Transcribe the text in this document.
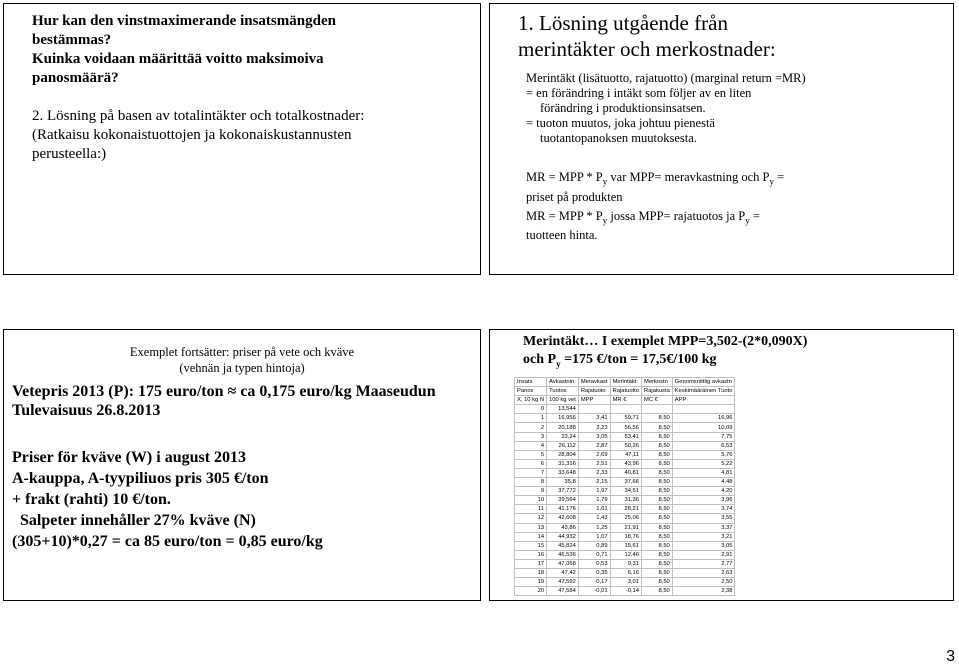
Hur kan den vinstmaximerande insatsmängden bestämmas?
Kuinka voidaan määrittää voitto maksimoiva panosmäärä?
2. Lösning på basen av totalintäkter och totalkostnader: (Ratkaisu kokonaistuottojen ja kokonaiskustannusten perusteella:)
1. Lösning utgående från
merintäkter och merkostnader:

Merintäkt (lisätuotto, rajatuotto) (marginal return =MR)

= en förändring i intäkt som följer av en liten

förändring i produktionsinsatsen.

= tuoton muutos, joka johtuu pienestä

tuotantopanoksen muutoksesta.

MR = MPP * $P_y$ var MPP= meravkastning och $P_y$ =

priset på produkten

MR = MPP * $P_y$ jossa MPP= rajatuotos ja $P_y$ =

tuotteen hinta.

Exemplet fortsätter: priser på vete och kväve
(vehnän ja typen hintoja)
Vetepris 2013 (P): 175 euro/ton ≈ ca 0,175 euro/kg Maaseudun Tulevaisuus 26.8.2013

Priser för kväve (W) i august 2013

A-kauppa, A-tyypiliuos pris 305 €/ton

+ frakt (rahti) 10 €/ton.

Salpeter innehåller 27% kväve (N)

(305+10)*0,27 = ca 85 euro/ton = 0,85 euro/kg

Merintäkt… I exemplet MPP=3,502-(2*0,090X)
och $P_y =175$ €/ton = 17,5€/100 kg
Insats	Avkastnin	Meravkast	Merintäkt	Merkostn	Genomsnittlig avkastn
Panos	Tuotos	Rajatuoto	Rajatuotto	Rajakusta	Keskimääräinen Tuoto
X, 10 kg N	100 kg vet	MPP	MR €	MC €	APP
0	13,544				
1	16,956	3,41	59,71	8,50	16,96
2	20,188	3,23	56,56	8,50	10,09
3	23,24	3,05	53,41	8,50	7,75
4	26,112	2,87	50,26	8,50	6,53
5	28,804	2,69	47,11	8,50	5,76
6	31,316	2,51	43,96	8,50	5,22
7	33,648	2,33	40,81	8,50	4,81
8	35,8	2,15	37,66	8,50	4,48
9	37,772	1,97	34,51	8,50	4,20
10	39,564	1,79	31,36	8,50	3,96
11	41,176	1,61	28,21	8,50	3,74
12	42,608	1,43	25,06	8,50	3,55
13	43,86	1,25	21,91	8,50	3,37
14	44,932	1,07	18,76	8,50	3,21
15	45,824	0,89	15,61	8,50	3,05
16	46,536	0,71	12,46	8,50	2,91
17	47,068	0,53	9,31	8,50	2,77
18	47,42	0,35	6,16	8,50	2,63
19	47,592	0,17	3,01	8,50	2,50
20	47,584	-0,01	-0,14	8,50	2,38
3
